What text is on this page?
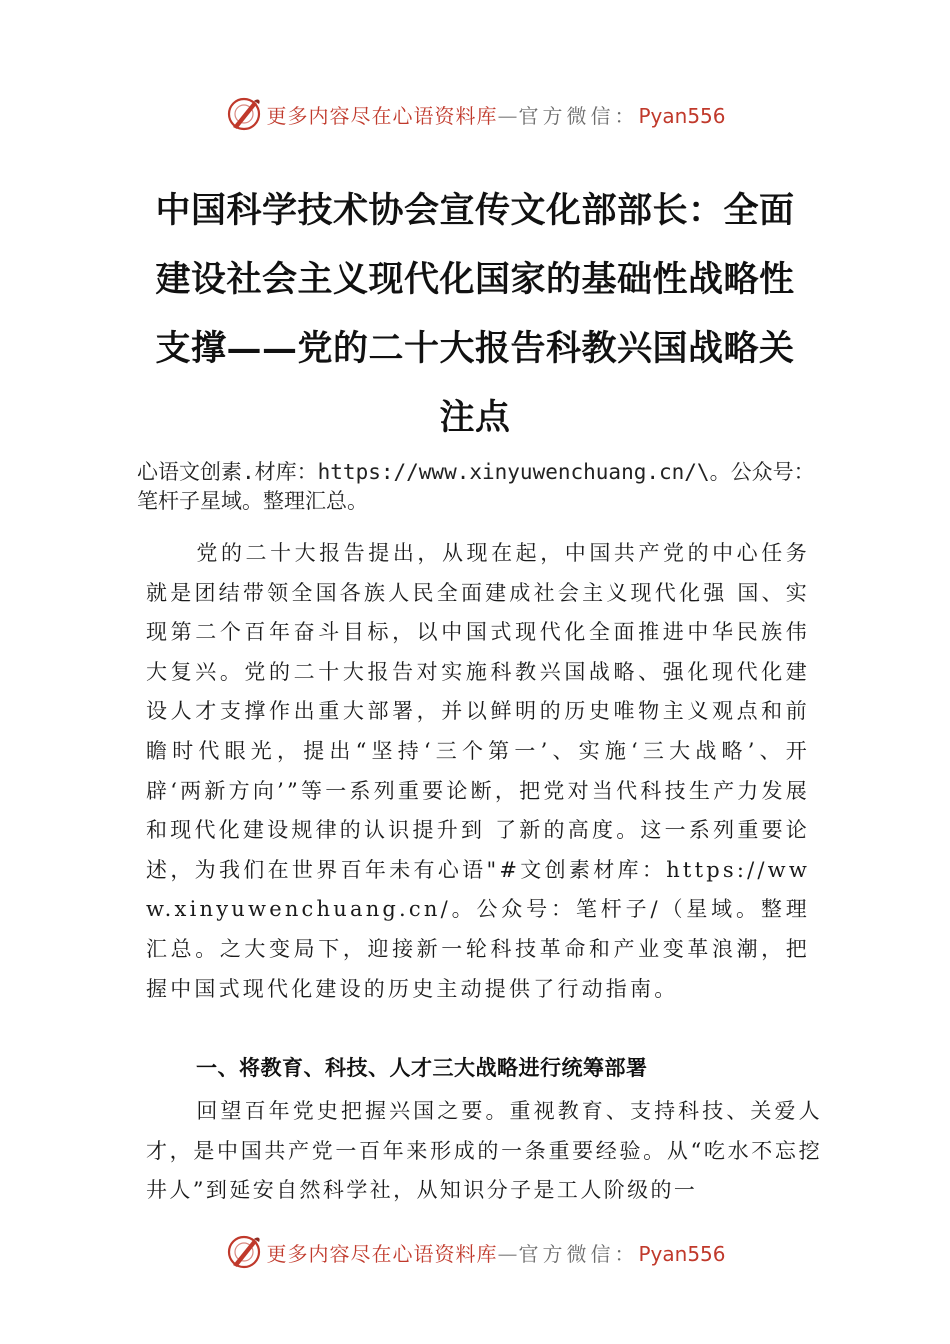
更多内容尽在心语资料库—官方微信：Pyan556
中国科学技术协会宣传文化部部长：全面建设社会主义现代化国家的基础性战略性支撑——党的二十大报告科教兴国战略关注点

心语文创素.材库：https://www.xinyuwenchuang.cn/\。公众号：笔杆子星域。整理汇总。

党的二十大报告提出，从现在起，中国共产党的中心任务就是团结带领全国各族人民全面建成社会主义现代化强 国、实现第二个百年奋斗目标，以中国式现代化全面推进中华民族伟大复兴。党的二十大报告对实施科教兴国战略、强化现代化建设人才支撑作出重大部署，并以鲜明的历史唯物主义观点和前瞻时代眼光，提出“坚持‘三个第一’、实施‘三大战略’、开辟‘两新方向’”等一系列重要论断，把党对当代科技生产力发展和现代化建设规律的认识提升到 了新的高度。这一系列重要论述，为我们在世界百年未有心语"#文创素材库：https://www.xinyuwenchuang.cn/。公众号：笔杆子/（星域。整理汇总。之大变局下，迎接新一轮科技革命和产业变革浪潮，把握中国式现代化建设的历史主动提供了行动指南。

一、将教育、科技、人才三大战略进行统筹部署

回望百年党史把握兴国之要。重视教育、支持科技、关爱人才，是中国共产党一百年来形成的一条重要经验。从“吃水不忘挖井人”到延安自然科学社，从知识分子是工人阶级的一

更多内容尽在心语资料库—官方微信：Pyan556
